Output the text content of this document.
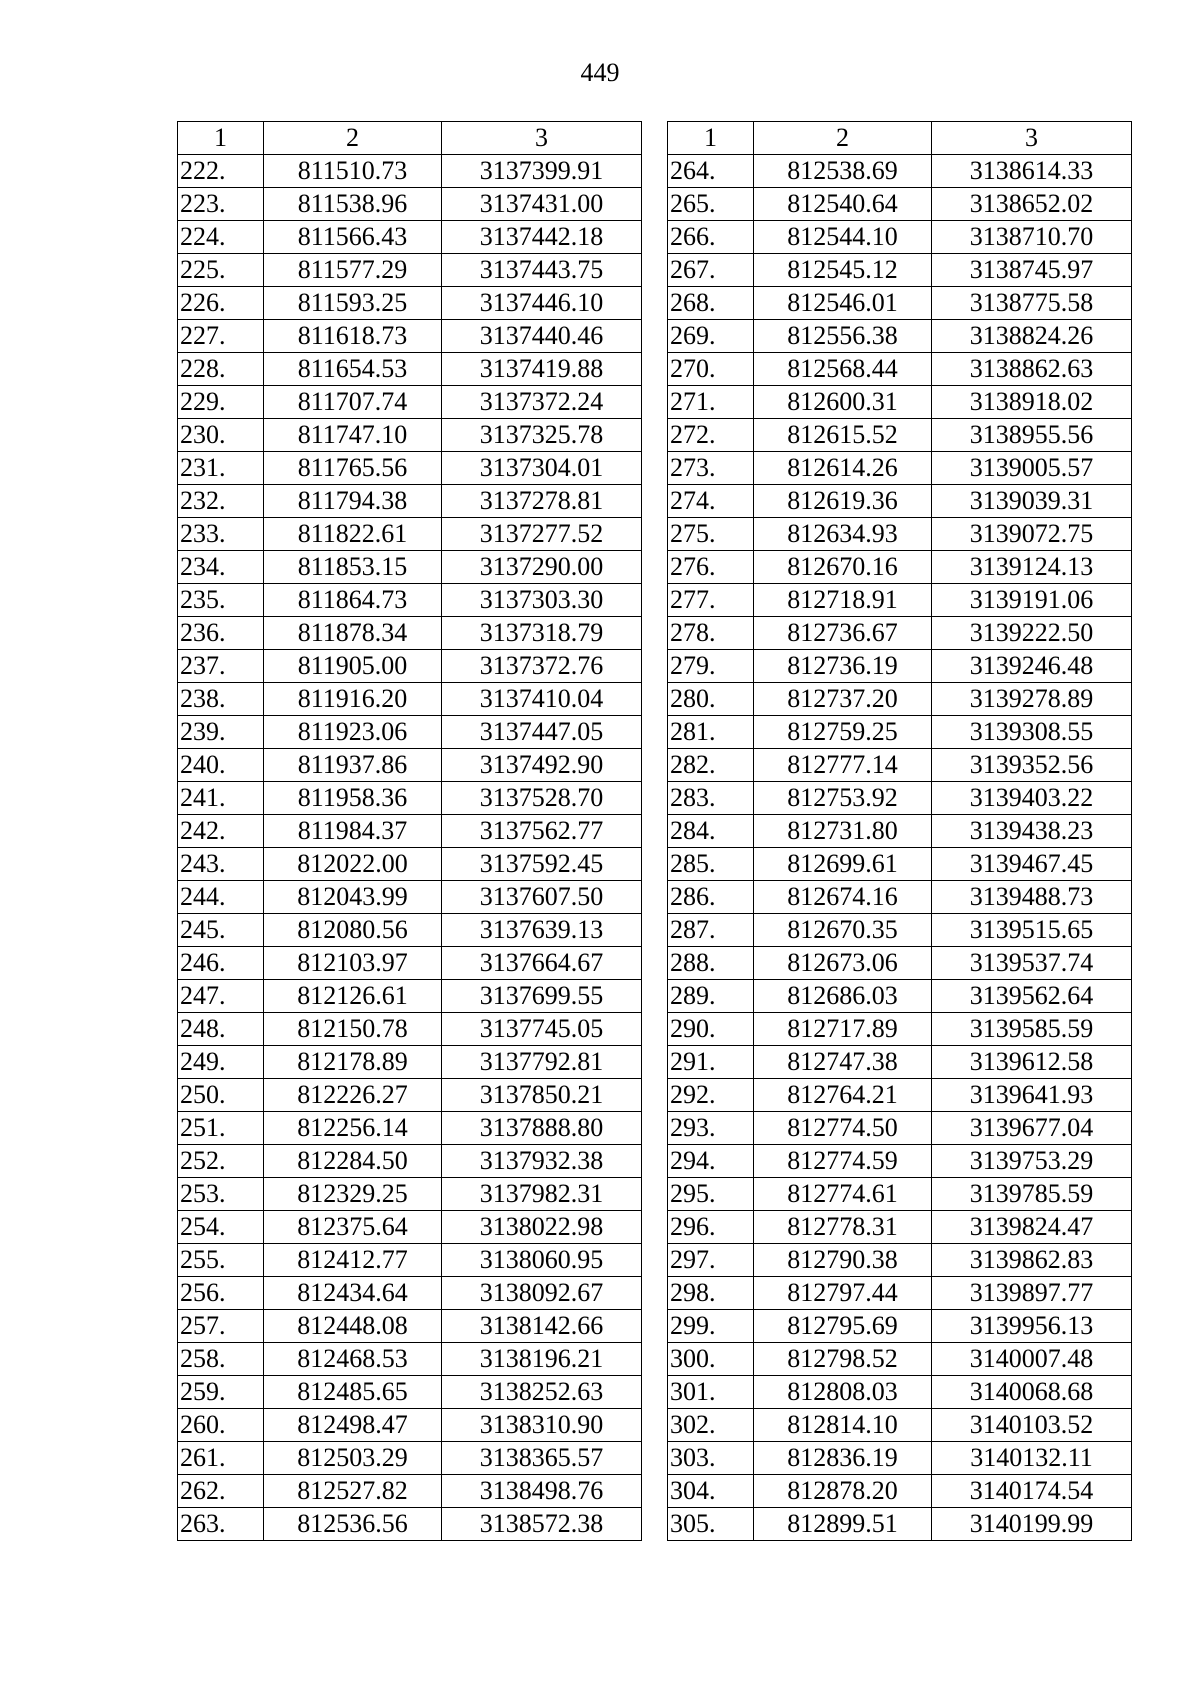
449
1	2	3
222.	811510.73	3137399.91
223.	811538.96	3137431.00
224.	811566.43	3137442.18
225.	811577.29	3137443.75
226.	811593.25	3137446.10
227.	811618.73	3137440.46
228.	811654.53	3137419.88
229.	811707.74	3137372.24
230.	811747.10	3137325.78
231.	811765.56	3137304.01
232.	811794.38	3137278.81
233.	811822.61	3137277.52
234.	811853.15	3137290.00
235.	811864.73	3137303.30
236.	811878.34	3137318.79
237.	811905.00	3137372.76
238.	811916.20	3137410.04
239.	811923.06	3137447.05
240.	811937.86	3137492.90
241.	811958.36	3137528.70
242.	811984.37	3137562.77
243.	812022.00	3137592.45
244.	812043.99	3137607.50
245.	812080.56	3137639.13
246.	812103.97	3137664.67
247.	812126.61	3137699.55
248.	812150.78	3137745.05
249.	812178.89	3137792.81
250.	812226.27	3137850.21
251.	812256.14	3137888.80
252.	812284.50	3137932.38
253.	812329.25	3137982.31
254.	812375.64	3138022.98
255.	812412.77	3138060.95
256.	812434.64	3138092.67
257.	812448.08	3138142.66
258.	812468.53	3138196.21
259.	812485.65	3138252.63
260.	812498.47	3138310.90
261.	812503.29	3138365.57
262.	812527.82	3138498.76
263.	812536.56	3138572.38
1	2	3
264.	812538.69	3138614.33
265.	812540.64	3138652.02
266.	812544.10	3138710.70
267.	812545.12	3138745.97
268.	812546.01	3138775.58
269.	812556.38	3138824.26
270.	812568.44	3138862.63
271.	812600.31	3138918.02
272.	812615.52	3138955.56
273.	812614.26	3139005.57
274.	812619.36	3139039.31
275.	812634.93	3139072.75
276.	812670.16	3139124.13
277.	812718.91	3139191.06
278.	812736.67	3139222.50
279.	812736.19	3139246.48
280.	812737.20	3139278.89
281.	812759.25	3139308.55
282.	812777.14	3139352.56
283.	812753.92	3139403.22
284.	812731.80	3139438.23
285.	812699.61	3139467.45
286.	812674.16	3139488.73
287.	812670.35	3139515.65
288.	812673.06	3139537.74
289.	812686.03	3139562.64
290.	812717.89	3139585.59
291.	812747.38	3139612.58
292.	812764.21	3139641.93
293.	812774.50	3139677.04
294.	812774.59	3139753.29
295.	812774.61	3139785.59
296.	812778.31	3139824.47
297.	812790.38	3139862.83
298.	812797.44	3139897.77
299.	812795.69	3139956.13
300.	812798.52	3140007.48
301.	812808.03	3140068.68
302.	812814.10	3140103.52
303.	812836.19	3140132.11
304.	812878.20	3140174.54
305.	812899.51	3140199.99
